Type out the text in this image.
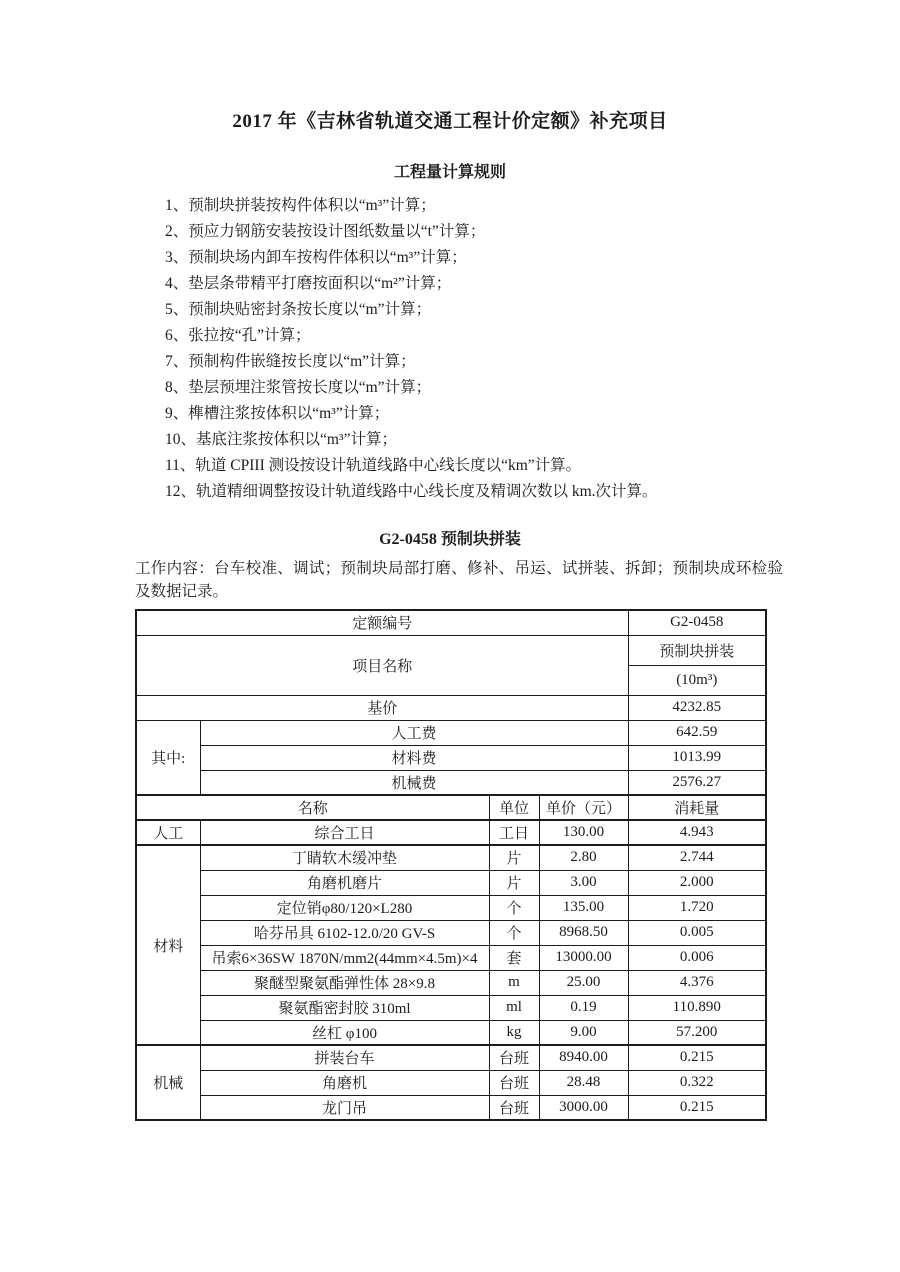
2017 年《吉林省轨道交通工程计价定额》补充项目
工程量计算规则
1、预制块拼装按构件体积以“m³”计算；
2、预应力钢筋安装按设计图纸数量以“t”计算；
3、预制块场内卸车按构件体积以“m³”计算；
4、垫层条带精平打磨按面积以“m²”计算；
5、预制块贴密封条按长度以“m”计算；
6、张拉按“孔”计算；
7、预制构件嵌缝按长度以“m”计算；
8、垫层预埋注浆管按长度以“m”计算；
9、榫槽注浆按体积以“m³”计算；
10、基底注浆按体积以“m³”计算；
11、轨道 CPIII 测设按设计轨道线路中心线长度以“km”计算。
12、轨道精细调整按设计轨道线路中心线长度及精调次数以 km.次计算。
G2-0458 预制块拼装
工作内容：台车校准、调试；预制块局部打磨、修补、吊运、试拼装、拆卸；预制块成环检验及数据记录。
定额编号				G2-0458
项目名称				预制块拼装
				(10m³)
基价				4232.85
其中:	人工费			642.59
	材料费			1013.99
	机械费			2576.27
名称		单位	单价（元）	消耗量
人工	综合工日	工日	130.00	4.943
材料	丁睛软木缓冲垫	片	2.80	2.744
	角磨机磨片	片	3.00	2.000
	定位销φ80/120×L280	个	135.00	1.720
	哈芬吊具 6102-12.0/20 GV-S	个	8968.50	0.005
	吊索6×36SW 1870N/mm2(44mm×4.5m)×4	套	13000.00	0.006
	聚醚型聚氨酯弹性体 28×9.8	m	25.00	4.376
	聚氨酯密封胶 310ml	ml	0.19	110.890
	丝杠 φ100	kg	9.00	57.200
机械	拼装台车	台班	8940.00	0.215
	角磨机	台班	28.48	0.322
	龙门吊	台班	3000.00	0.215
